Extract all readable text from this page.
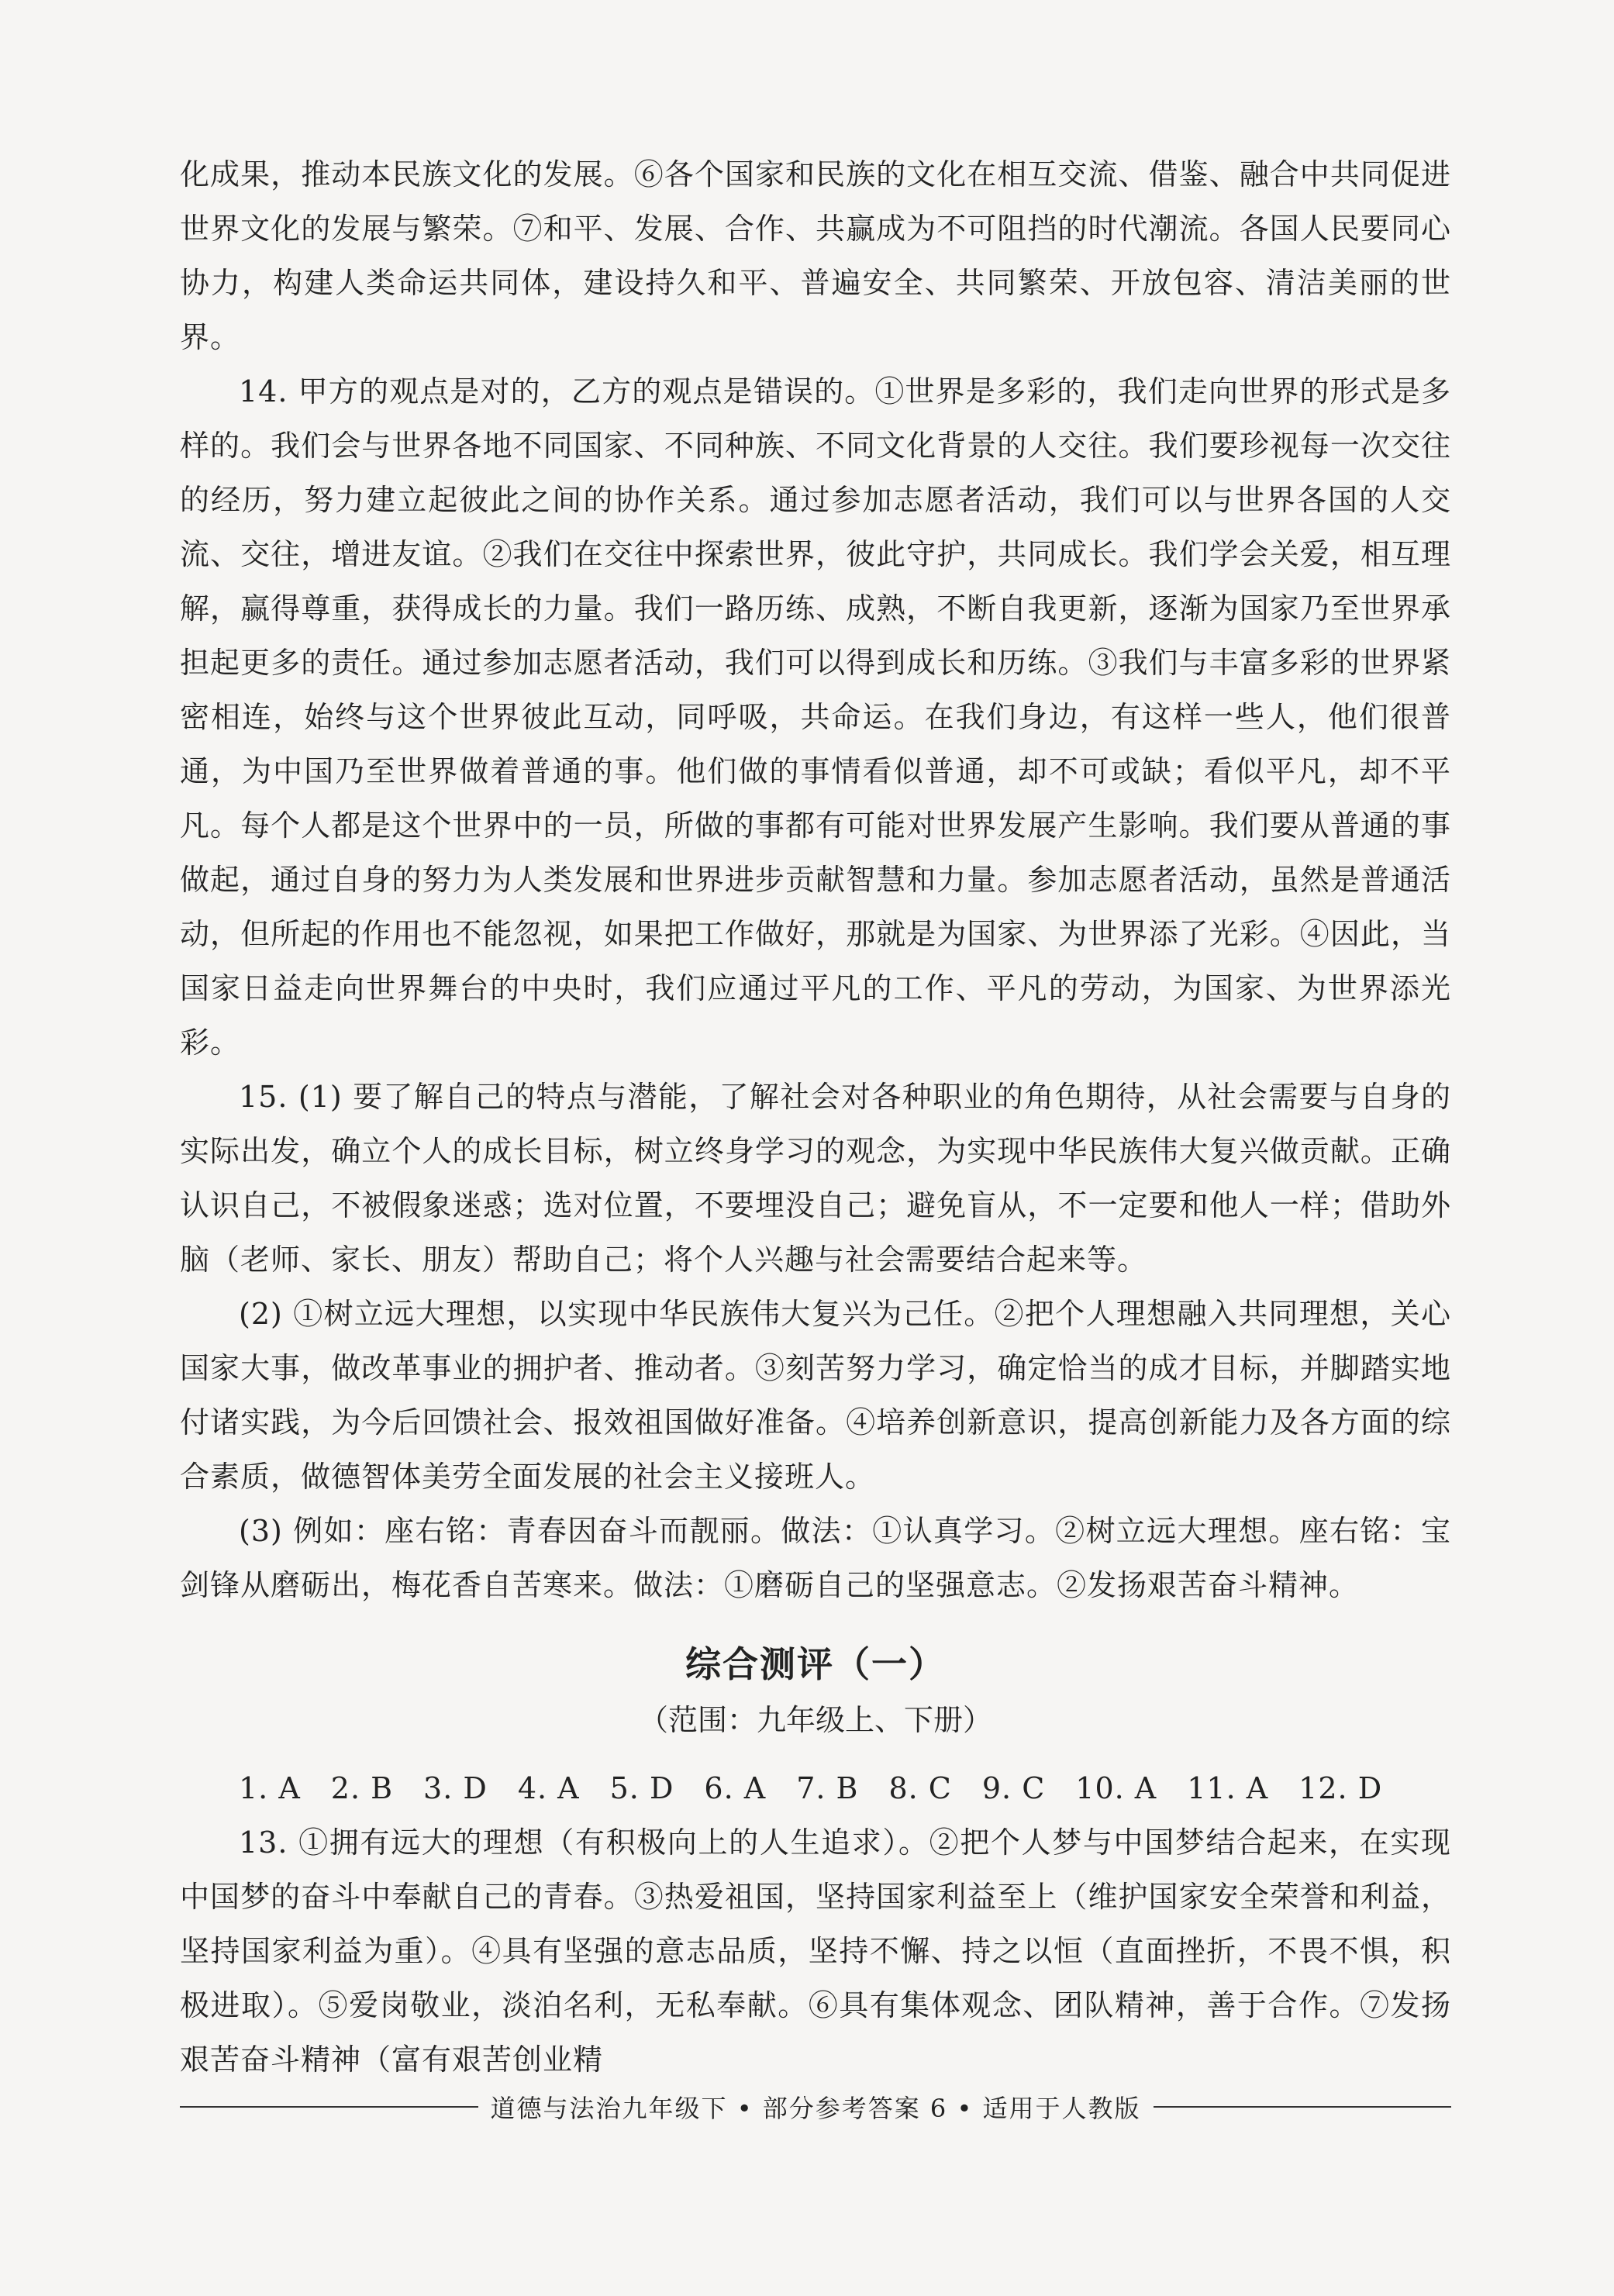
化成果，推动本民族文化的发展。⑥各个国家和民族的文化在相互交流、借鉴、融合中共同促进世界文化的发展与繁荣。⑦和平、发展、合作、共赢成为不可阻挡的时代潮流。各国人民要同心协力，构建人类命运共同体，建设持久和平、普遍安全、共同繁荣、开放包容、清洁美丽的世界。

14. 甲方的观点是对的，乙方的观点是错误的。①世界是多彩的，我们走向世界的形式是多样的。我们会与世界各地不同国家、不同种族、不同文化背景的人交往。我们要珍视每一次交往的经历，努力建立起彼此之间的协作关系。通过参加志愿者活动，我们可以与世界各国的人交流、交往，增进友谊。②我们在交往中探索世界，彼此守护，共同成长。我们学会关爱，相互理解，赢得尊重，获得成长的力量。我们一路历练、成熟，不断自我更新，逐渐为国家乃至世界承担起更多的责任。通过参加志愿者活动，我们可以得到成长和历练。③我们与丰富多彩的世界紧密相连，始终与这个世界彼此互动，同呼吸，共命运。在我们身边，有这样一些人，他们很普通，为中国乃至世界做着普通的事。他们做的事情看似普通，却不可或缺；看似平凡，却不平凡。每个人都是这个世界中的一员，所做的事都有可能对世界发展产生影响。我们要从普通的事做起，通过自身的努力为人类发展和世界进步贡献智慧和力量。参加志愿者活动，虽然是普通活动，但所起的作用也不能忽视，如果把工作做好，那就是为国家、为世界添了光彩。④因此，当国家日益走向世界舞台的中央时，我们应通过平凡的工作、平凡的劳动，为国家、为世界添光彩。

15. (1) 要了解自己的特点与潜能，了解社会对各种职业的角色期待，从社会需要与自身的实际出发，确立个人的成长目标，树立终身学习的观念，为实现中华民族伟大复兴做贡献。正确认识自己，不被假象迷惑；选对位置，不要埋没自己；避免盲从，不一定要和他人一样；借助外脑（老师、家长、朋友）帮助自己；将个人兴趣与社会需要结合起来等。

(2) ①树立远大理想，以实现中华民族伟大复兴为己任。②把个人理想融入共同理想，关心国家大事，做改革事业的拥护者、推动者。③刻苦努力学习，确定恰当的成才目标，并脚踏实地付诸实践，为今后回馈社会、报效祖国做好准备。④培养创新意识，提高创新能力及各方面的综合素质，做德智体美劳全面发展的社会主义接班人。

(3) 例如：座右铭：青春因奋斗而靓丽。做法：①认真学习。②树立远大理想。座右铭：宝剑锋从磨砺出，梅花香自苦寒来。做法：①磨砺自己的坚强意志。②发扬艰苦奋斗精神。

综合测评（一）
（范围：九年级上、下册）

1. A　2. B　3. D　4. A　5. D　6. A　7. B　8. C　9. C　10. A　11. A　12. D

13. ①拥有远大的理想（有积极向上的人生追求）。②把个人梦与中国梦结合起来，在实现中国梦的奋斗中奉献自己的青春。③热爱祖国，坚持国家利益至上（维护国家安全荣誉和利益，坚持国家利益为重）。④具有坚强的意志品质，坚持不懈、持之以恒（直面挫折，不畏不惧，积极进取）。⑤爱岗敬业，淡泊名利，无私奉献。⑥具有集体观念、团队精神，善于合作。⑦发扬艰苦奋斗精神（富有艰苦创业精

道德与法治九年级下 • 部分参考答案 6 • 适用于人教版
